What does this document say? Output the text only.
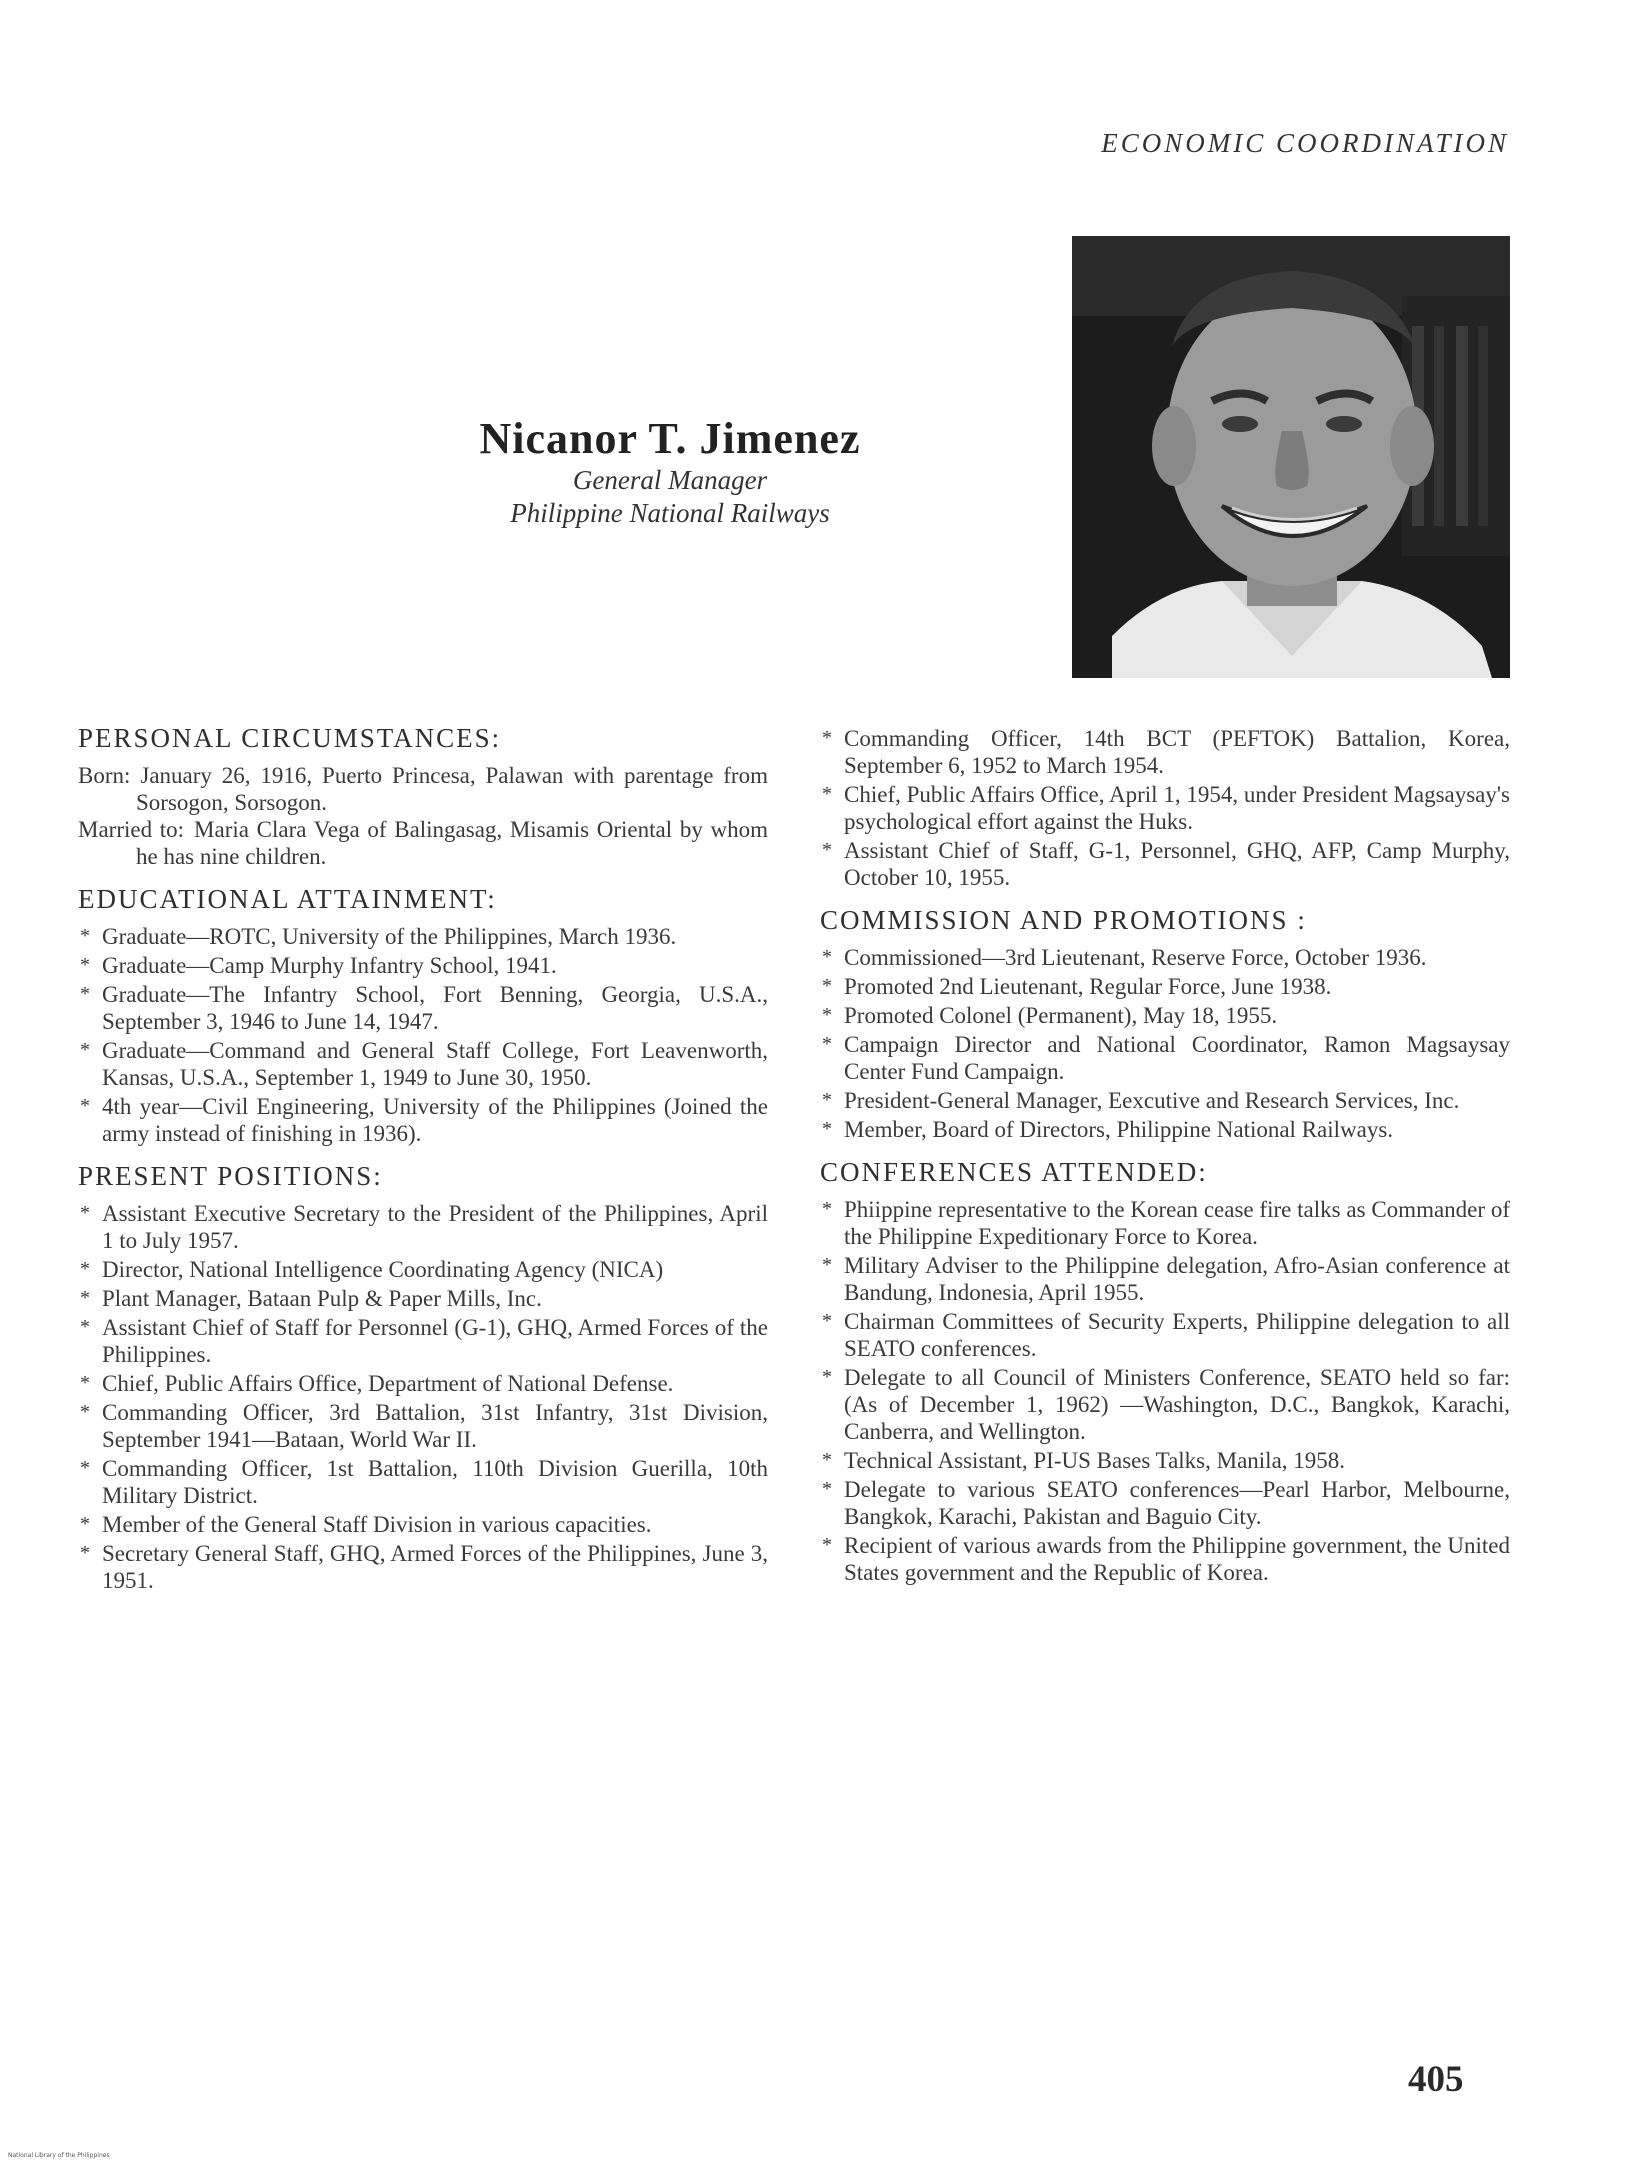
ECONOMIC COORDINATION
Nicanor T. Jimenez
General Manager
Philippine National Railways
PERSONAL CIRCUMSTANCES:
Born: January 26, 1916, Puerto Princesa, Palawan with parentage from Sorsogon, Sorsogon.
Married to: Maria Clara Vega of Balingasag, Misamis Oriental by whom he has nine children.
EDUCATIONAL ATTAINMENT:
* Graduate—ROTC, University of the Philippines, March 1936.
* Graduate—Camp Murphy Infantry School, 1941.
* Graduate—The Infantry School, Fort Benning, Georgia, U.S.A., September 3, 1946 to June 14, 1947.
* Graduate—Command and General Staff College, Fort Leavenworth, Kansas, U.S.A., September 1, 1949 to June 30, 1950.
* 4th year—Civil Engineering, University of the Philippines (Joined the army instead of finishing in 1936).
PRESENT POSITIONS:
* Assistant Executive Secretary to the President of the Philippines, April 1 to July 1957.
* Director, National Intelligence Coordinating Agency (NICA)
* Plant Manager, Bataan Pulp & Paper Mills, Inc.
* Assistant Chief of Staff for Personnel (G-1), GHQ, Armed Forces of the Philippines.
* Chief, Public Affairs Office, Department of National Defense.
* Commanding Officer, 3rd Battalion, 31st Infantry, 31st Division, September 1941—Bataan, World War II.
* Commanding Officer, 1st Battalion, 110th Division Guerilla, 10th Military District.
* Member of the General Staff Division in various capacities.
* Secretary General Staff, GHQ, Armed Forces of the Philippines, June 3, 1951.
* Commanding Officer, 14th BCT (PEFTOK) Battalion, Korea, September 6, 1952 to March 1954.
* Chief, Public Affairs Office, April 1, 1954, under President Magsaysay's psychological effort against the Huks.
* Assistant Chief of Staff, G-1, Personnel, GHQ, AFP, Camp Murphy, October 10, 1955.
COMMISSION AND PROMOTIONS :
* Commissioned—3rd Lieutenant, Reserve Force, October 1936.
* Promoted 2nd Lieutenant, Regular Force, June 1938.
* Promoted Colonel (Permanent), May 18, 1955.
* Campaign Director and National Coordinator, Ramon Magsaysay Center Fund Campaign.
* President-General Manager, Eexcutive and Research Services, Inc.
* Member, Board of Directors, Philippine National Railways.
CONFERENCES ATTENDED:
* Phiippine representative to the Korean cease fire talks as Commander of the Philippine Expeditionary Force to Korea.
* Military Adviser to the Philippine delegation, Afro-Asian conference at Bandung, Indonesia, April 1955.
* Chairman Committees of Security Experts, Philippine delegation to all SEATO conferences.
* Delegate to all Council of Ministers Conference, SEATO held so far: (As of December 1, 1962) —Washington, D.C., Bangkok, Karachi, Canberra, and Wellington.
* Technical Assistant, PI-US Bases Talks, Manila, 1958.
* Delegate to various SEATO conferences—Pearl Harbor, Melbourne, Bangkok, Karachi, Pakistan and Baguio City.
* Recipient of various awards from the Philippine government, the United States government and the Republic of Korea.
405
National Library of the Philippines
